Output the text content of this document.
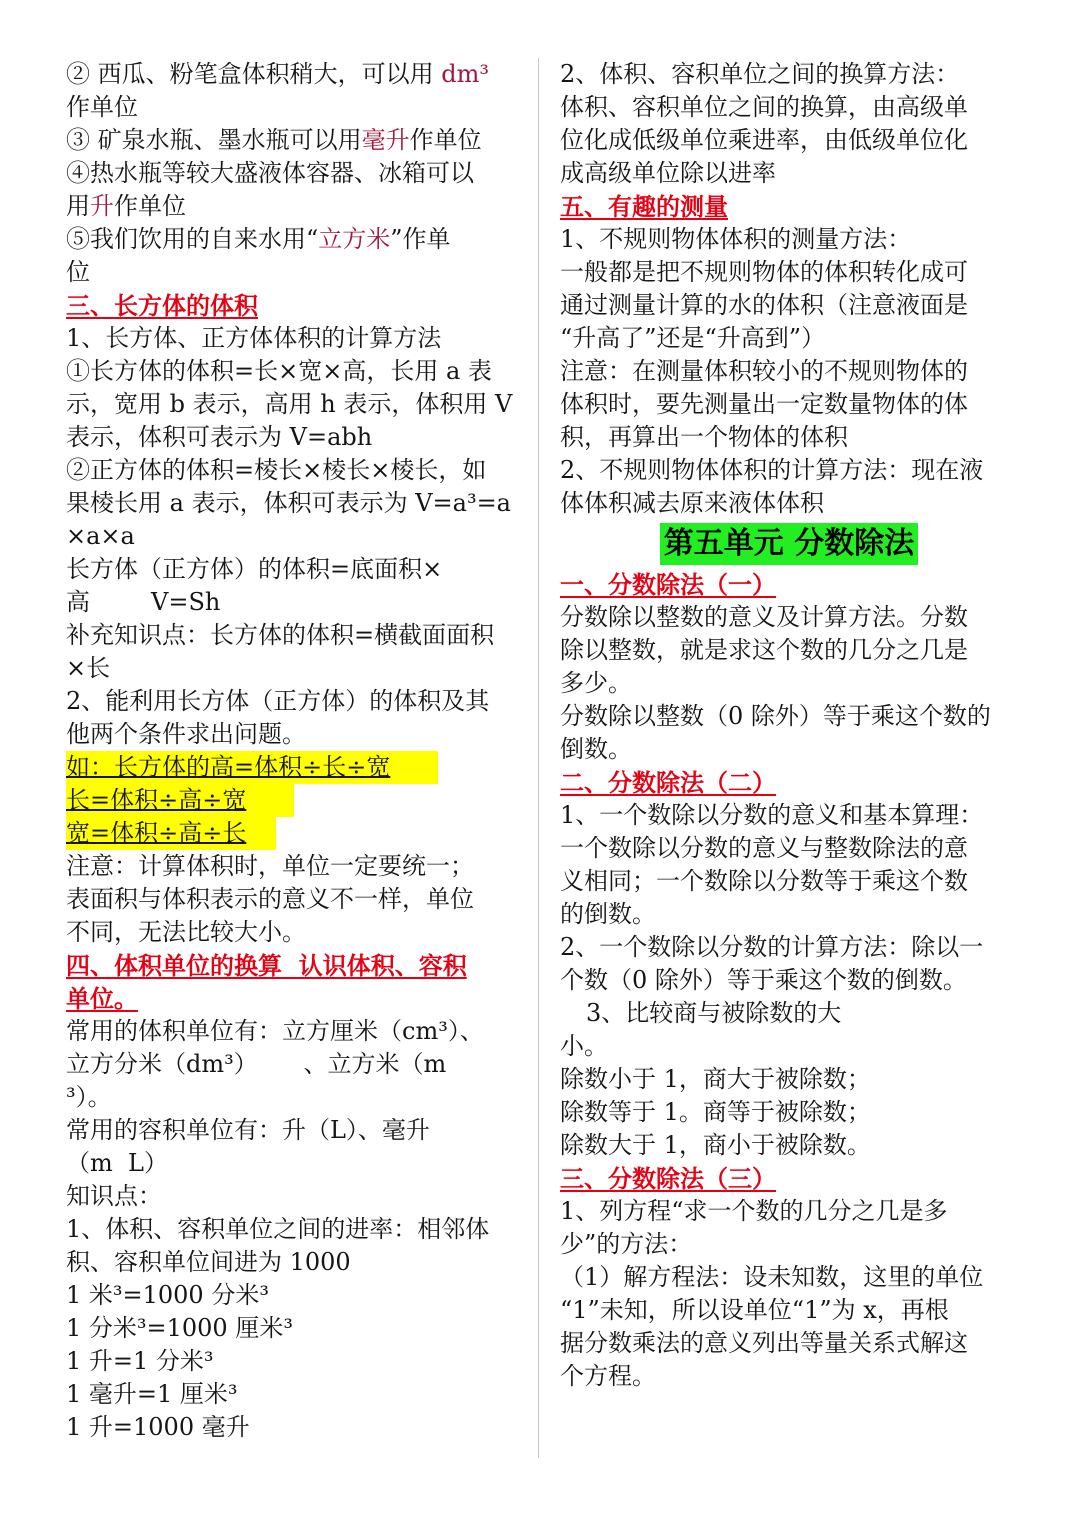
② 西瓜、粉笔盒体积稍大，可以用 dm³
作单位
③ 矿泉水瓶、墨水瓶可以用毫升作单位
④热水瓶等较大盛液体容器、冰箱可以
用升作单位
⑤我们饮用的自来水用“立方米”作单
位
三、长方体的体积
1、长方体、正方体体积的计算方法
①长方体的体积=长×宽×高，长用 a 表
示，宽用 b 表示，高用 h 表示，体积用 V
表示，体积可表示为 V=abh
②正方体的体积=棱长×棱长×棱长，如
果棱长用 a 表示，体积可表示为 V=a³=a
×a×a
长方体（正方体）的体积=底面积×
高        V=Sh
补充知识点：长方体的体积=横截面面积
×长
2、能利用长方体（正方体）的体积及其
他两个条件求出问题。
如：长方体的高=体积÷长÷宽
长=体积÷高÷宽
宽=体积÷高÷长
注意：计算体积时，单位一定要统一；
表面积与体积表示的意义不一样，单位
不同，无法比较大小。
四、体积单位的换算  认识体积、容积
单位。
常用的体积单位有：立方厘米（cm³）、
立方分米（dm³）      、立方米（m
³）。
常用的容积单位有：升（L）、毫升
（m  L）
知识点：
1、体积、容积单位之间的进率：相邻体
积、容积单位间进为 1000
1 米³=1000 分米³
1 分米³=1000 厘米³
1 升=1 分米³
1 毫升=1 厘米³
1 升=1000 毫升
2、体积、容积单位之间的换算方法：
体积、容积单位之间的换算，由高级单
位化成低级单位乘进率，由低级单位化
成高级单位除以进率
五、有趣的测量
1、不规则物体体积的测量方法：
一般都是把不规则物体的体积转化成可
通过测量计算的水的体积（注意液面是
“升高了”还是“升高到”）
注意：在测量体积较小的不规则物体的
体积时，要先测量出一定数量物体的体
积，再算出一个物体的体积
2、不规则物体体积的计算方法：现在液
体体积减去原来液体体积
第五单元 分数除法
一、分数除法（一）
分数除以整数的意义及计算方法。分数
除以整数，就是求这个数的几分之几是
多少。
分数除以整数（0 除外）等于乘这个数的
倒数。
二、分数除法（二）
1、一个数除以分数的意义和基本算理：
一个数除以分数的意义与整数除法的意
义相同；一个数除以分数等于乘这个数
的倒数。
2、一个数除以分数的计算方法：除以一
个数（0 除外）等于乘这个数的倒数。
3、比较商与被除数的大
小。
除数小于 1，商大于被除数；
除数等于 1。商等于被除数；
除数大于 1，商小于被除数。
三、分数除法（三）
1、列方程“求一个数的几分之几是多
少”的方法：
（1）解方程法：设未知数，这里的单位
“1”未知，所以设单位“1”为 x，再根
据分数乘法的意义列出等量关系式解这
个方程。
